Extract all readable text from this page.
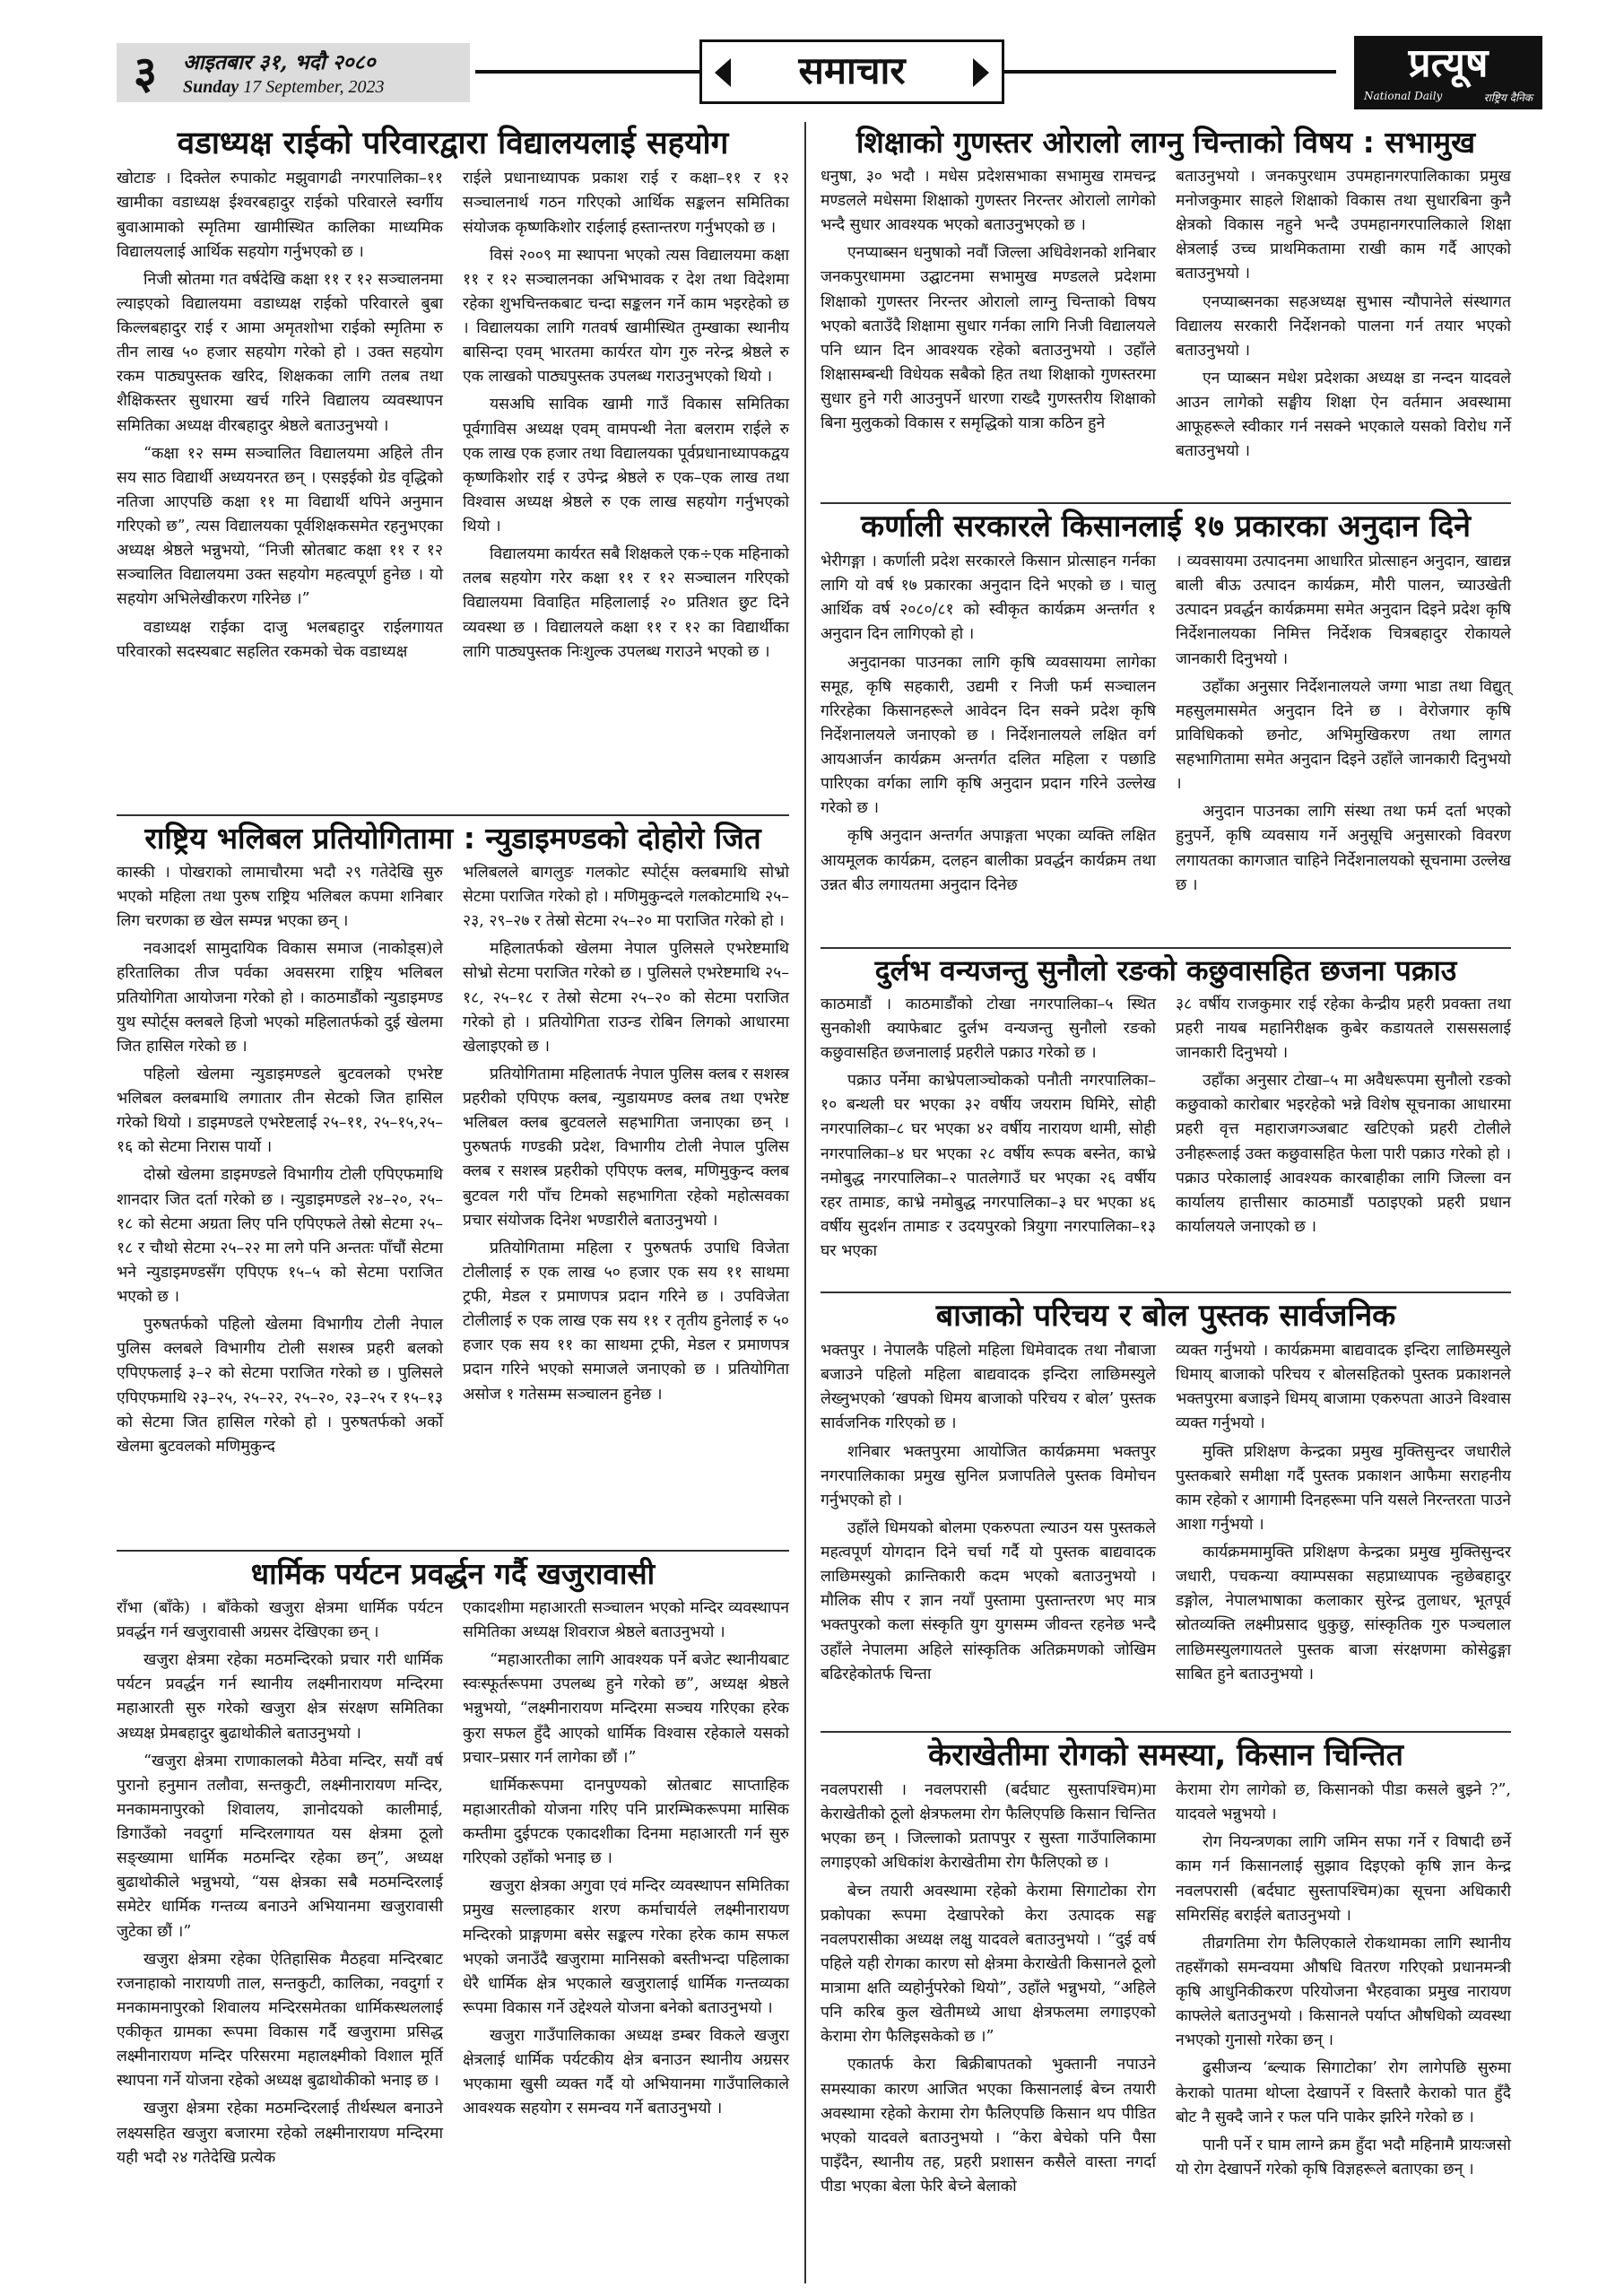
३	आइतबार ३१, भदौ २०८०
Sunday 17 September, 2023	समाचार	प्रत्यूष
National Daily	राष्ट्रिय दैनिक
वडाध्यक्ष राईको परिवारद्वारा विद्यालयलाई सहयोग

खोटाङ । दिक्तेल रुपाकोट मझुवागढी नगरपालिका–११ खामीका वडाध्यक्ष ईश्वरबहादुर राईको परिवारले स्वर्गीय बुवाआमाको स्मृतिमा खामीस्थित कालिका माध्यमिक विद्यालयलाई आर्थिक सहयोग गर्नुभएको छ ।

निजी स्रोतमा गत वर्षदेखि कक्षा ११ र १२ सञ्चालनमा ल्याइएको विद्यालयमा वडाध्यक्ष राईको परिवारले बुबा किल्लबहादुर राई र आमा अमृतशोभा राईको स्मृतिमा रु तीन लाख ५० हजार सहयोग गरेको हो । उक्त सहयोग रकम पाठ्यपुस्तक खरिद, शिक्षकका लागि तलब तथा शैक्षिकस्तर सुधारमा खर्च गरिने विद्यालय व्यवस्थापन समितिका अध्यक्ष वीरबहादुर श्रेष्ठले बताउनुभयो ।

“कक्षा १२ सम्म सञ्चालित विद्यालयमा अहिले तीन सय साठ विद्यार्थी अध्ययनरत छन् । एसइईको ग्रेड वृद्धिको नतिजा आएपछि कक्षा ११ मा विद्यार्थी थपिने अनुमान गरिएको छ”, त्यस विद्यालयका पूर्वशिक्षकसमेत रहनुभएका अध्यक्ष श्रेष्ठले भन्नुभयो, “निजी स्रोतबाट कक्षा ११ र १२ सञ्चालित विद्यालयमा उक्त सहयोग महत्वपूर्ण हुनेछ । यो सहयोग अभिलेखीकरण गरिनेछ ।”

वडाध्यक्ष राईका दाजु भलबहादुर राईलगायत परिवारको सदस्यबाट सहलित रकमको चेक वडाध्यक्ष

राईले प्रधानाध्यापक प्रकाश राई र कक्षा–११ र १२ सञ्चालनार्थ गठन गरिएको आर्थिक सङ्कलन समितिका संयोजक कृष्णकिशोर राईलाई हस्तान्तरण गर्नुभएको छ ।

विसं २००९ मा स्थापना भएको त्यस विद्यालयमा कक्षा ११ र १२ सञ्चालनका अभिभावक र देश तथा विदेशमा रहेका शुभचिन्तकबाट चन्दा सङ्कलन गर्ने काम भइरहेको छ । विद्यालयका लागि गतवर्ष खामीस्थित तुम्खाका स्थानीय बासिन्दा एवम् भारतमा कार्यरत योग गुरु नरेन्द्र श्रेष्ठले रु एक लाखको पाठ्यपुस्तक उपलब्ध गराउनुभएको थियो ।

यसअघि साविक खामी गाउँ विकास समितिका पूर्वगाविस अध्यक्ष एवम् वामपन्थी नेता बलराम राईले रु एक लाख एक हजार तथा विद्यालयका पूर्वप्रधानाध्यापकद्वय कृष्णकिशोर राई र उपेन्द्र श्रेष्ठले रु एक–एक लाख तथा विश्वास अध्यक्ष श्रेष्ठले रु एक लाख सहयोग गर्नुभएको थियो ।

विद्यालयमा कार्यरत सबै शिक्षकले एक÷एक महिनाको तलब सहयोग गरेर कक्षा ११ र १२ सञ्चालन गरिएको विद्यालयमा विवाहित महिलालाई २० प्रतिशत छुट दिने व्यवस्था छ । विद्यालयले कक्षा ११ र १२ का विद्यार्थीका लागि पाठ्यपुस्तक निःशुल्क उपलब्ध गराउने भएको छ ।

राष्ट्रिय भलिबल प्रतियोगितामा : न्युडाइमण्डको दोहोरो जित

कास्की । पोखराको लामाचौरमा भदौ २९ गतेदेखि सुरु भएको महिला तथा पुरुष राष्ट्रिय भलिबल कपमा शनिबार लिग चरणका छ खेल सम्पन्न भएका छन् ।

नवआदर्श सामुदायिक विकास समाज (नाकोड्स)ले हरितालिका तीज पर्वका अवसरमा राष्ट्रिय भलिबल प्रतियोगिता आयोजना गरेको हो । काठमाडौंको न्युडाइमण्ड युथ स्पोर्ट्स क्लबले हिजो भएको महिलातर्फको दुई खेलमा जित हासिल गरेको छ ।

पहिलो खेलमा न्युडाइमण्डले बुटवलको एभरेष्ट भलिबल क्लबमाथि लगातार तीन सेटको जित हासिल गरेको थियो । डाइमण्डले एभरेष्टलाई २५–११, २५–१५,२५–१६ को सेटमा निरास पार्यो ।

दोस्रो खेलमा डाइमण्डले विभागीय टोली एपिएफमाथि शानदार जित दर्ता गरेको छ । न्युडाइमण्डले २४–२०, २५–१८ को सेटमा अग्रता लिए पनि एपिएफले तेस्रो सेटमा २५–१८ र चौथो सेटमा २५–२२ मा लगे पनि अन्ततः पाँचौं सेटमा भने न्युडाइमण्डसँग एपिएफ १५–५ को सेटमा पराजित भएको छ ।

पुरुषतर्फको पहिलो खेलमा विभागीय टोली नेपाल पुलिस क्लबले विभागीय टोली सशस्त्र प्रहरी बलको एपिएफलाई ३–२ को सेटमा पराजित गरेको छ । पुलिसले एपिएफमाथि २३–२५, २५–२२, २५–२०, २३–२५ र १५–१३ को सेटमा जित हासिल गरेको हो । पुरुषतर्फको अर्को खेलमा बुटवलको मणिमुकुन्द

भलिबलले बागलुङ गलकोट स्पोर्ट्स क्लबमाथि सोभ्रो सेटमा पराजित गरेको हो । मणिमुकुन्दले गलकोटमाथि २५–२३, २९–२७ र तेस्रो सेटमा २५–२० मा पराजित गरेको हो ।

महिलातर्फको खेलमा नेपाल पुलिसले एभरेष्टमाथि सोभ्रो सेटमा पराजित गरेको छ । पुलिसले एभरेष्टमाथि २५–१८, २५–१८ र तेस्रो सेटमा २५–२० को सेटमा पराजित गरेको हो । प्रतियोगिता राउन्ड रोबिन लिगको आधारमा खेलाइएको छ ।

प्रतियोगितामा महिलातर्फ नेपाल पुलिस क्लब र सशस्त्र प्रहरीको एपिएफ क्लब, न्युडायमण्ड क्लब तथा एभरेष्ट भलिबल क्लब बुटवलले सहभागिता जनाएका छन् । पुरुषतर्फ गण्डकी प्रदेश, विभागीय टोली नेपाल पुलिस क्लब र सशस्त्र प्रहरीको एपिएफ क्लब, मणिमुकुन्द क्लब बुटवल गरी पाँच टिमको सहभागिता रहेको महोत्सवका प्रचार संयोजक दिनेश भण्डारीले बताउनुभयो ।

प्रतियोगितामा महिला र पुरुषतर्फ उपाधि विजेता टोलीलाई रु एक लाख ५० हजार एक सय ११ साथमा ट्रफी, मेडल र प्रमाणपत्र प्रदान गरिने छ । उपविजेता टोलीलाई रु एक लाख एक सय ११ र तृतीय हुनेलाई रु ५० हजार एक सय ११ का साथमा ट्रफी, मेडल र प्रमाणपत्र प्रदान गरिने भएको समाजले जनाएको छ । प्रतियोगिता असोज १ गतेसम्म सञ्चालन हुनेछ ।

धार्मिक पर्यटन प्रवर्द्धन गर्दै खजुरावासी

राँभा (बाँके) । बाँकेको खजुरा क्षेत्रमा धार्मिक पर्यटन प्रवर्द्धन गर्न खजुरावासी अग्रसर देखिएका छन् ।

खजुरा क्षेत्रमा रहेका मठमन्दिरको प्रचार गरी धार्मिक पर्यटन प्रवर्द्धन गर्न स्थानीय लक्ष्मीनारायण मन्दिरमा महाआरती सुरु गरेको खजुरा क्षेत्र संरक्षण समितिका अध्यक्ष प्रेमबहादुर बुढाथोकीले बताउनुभयो ।

“खजुरा क्षेत्रमा राणाकालको मैठेवा मन्दिर, सयौं वर्ष पुरानो हनुमान तलौवा, सन्तकुटी, लक्ष्मीनारायण मन्दिर, मनकामनापुरको शिवालय, ज्ञानोदयको कालीमाई, डिगाउँको नवदुर्गा मन्दिरलगायत यस क्षेत्रमा ठूलो सङ्ख्यामा धार्मिक मठमन्दिर रहेका छन्”, अध्यक्ष बुढाथोकीले भन्नुभयो, “यस क्षेत्रका सबै मठमन्दिरलाई समेटेर धार्मिक गन्तव्य बनाउने अभियानमा खजुरावासी जुटेका छौं ।”

खजुरा क्षेत्रमा रहेका ऐतिहासिक मैठहवा मन्दिरबाट रजनाहाको नारायणी ताल, सन्तकुटी, कालिका, नवदुर्गा र मनकामनापुरको शिवालय मन्दिरसमेतका धार्मिकस्थललाई एकीकृत ग्रामका रूपमा विकास गर्दै खजुरामा प्रसिद्ध लक्ष्मीनारायण मन्दिर परिसरमा महालक्ष्मीको विशाल मूर्ति स्थापना गर्ने योजना रहेको अध्यक्ष बुढाथोकीको भनाइ छ ।

खजुरा क्षेत्रमा रहेका मठमन्दिरलाई तीर्थस्थल बनाउने लक्ष्यसहित खजुरा बजारमा रहेको लक्ष्मीनारायण मन्दिरमा यही भदौ २४ गतेदेखि प्रत्येक

एकादशीमा महाआरती सञ्चालन भएको मन्दिर व्यवस्थापन समितिका अध्यक्ष शिवराज श्रेष्ठले बताउनुभयो ।

“महाआरतीका लागि आवश्यक पर्ने बजेट स्थानीयबाट स्वःस्फूर्तरूपमा उपलब्ध हुने गरेको छ”, अध्यक्ष श्रेष्ठले भन्नुभयो, “लक्ष्मीनारायण मन्दिरमा सञ्चय गरिएका हरेक कुरा सफल हुँदै आएको धार्मिक विश्वास रहेकाले यसको प्रचार–प्रसार गर्न लागेका छौं ।”

धार्मिकरूपमा दानपुण्यको स्रोतबाट साप्ताहिक महाआरतीको योजना गरिए पनि प्रारम्भिकरूपमा मासिक कम्तीमा दुईपटक एकादशीका दिनमा महाआरती गर्न सुरु गरिएको उहाँको भनाइ छ ।

खजुरा क्षेत्रका अगुवा एवं मन्दिर व्यवस्थापन समितिका प्रमुख सल्लाहकार शरण कर्माचार्यले लक्ष्मीनारायण मन्दिरको प्राङ्गणमा बसेर सङ्कल्प गरेका हरेक काम सफल भएको जनाउँदै खजुरामा मानिसको बस्तीभन्दा पहिलाका धेरै धार्मिक क्षेत्र भएकाले खजुरालाई धार्मिक गन्तव्यका रूपमा विकास गर्ने उद्देश्यले योजना बनेको बताउनुभयो ।

खजुरा गाउँपालिकाका अध्यक्ष डम्बर विकले खजुरा क्षेत्रलाई धार्मिक पर्यटकीय क्षेत्र बनाउन स्थानीय अग्रसर भएकामा खुसी व्यक्त गर्दै यो अभियानमा गाउँपालिकाले आवश्यक सहयोग र समन्वय गर्ने बताउनुभयो ।

शिक्षाको गुणस्तर ओरालो लाग्नु चिन्ताको विषय : सभामुख

धनुषा, ३० भदौ । मधेस प्रदेशसभाका सभामुख रामचन्द्र मण्डलले मधेसमा शिक्षाको गुणस्तर निरन्तर ओरालो लागेको भन्दै सुधार आवश्यक भएको बताउनुभएको छ ।

एनप्याब्सन धनुषाको नवौं जिल्ला अधिवेशनको शनिबार जनकपुरधाममा उद्घाटनमा सभामुख मण्डलले प्रदेशमा शिक्षाको गुणस्तर निरन्तर ओरालो लाग्नु चिन्ताको विषय भएको बताउँदै शिक्षामा सुधार गर्नका लागि निजी विद्यालयले पनि ध्यान दिन आवश्यक रहेको बताउनुभयो । उहाँले शिक्षासम्बन्धी विधेयक सबैको हित तथा शिक्षाको गुणस्तरमा सुधार हुने गरी आउनुपर्ने धारणा राख्दै गुणस्तरीय शिक्षाको बिना मुलुकको विकास र समृद्धिको यात्रा कठिन हुने

बताउनुभयो । जनकपुरधाम उपमहानगरपालिकाका प्रमुख मनोजकुमार साहले शिक्षाको विकास तथा सुधारबिना कुनै क्षेत्रको विकास नहुने भन्दै उपमहानगरपालिकाले शिक्षा क्षेत्रलाई उच्च प्राथमिकतामा राखी काम गर्दै आएको बताउनुभयो ।

एनप्याब्सनका सहअध्यक्ष सुभास न्यौपानेले संस्थागत विद्यालय सरकारी निर्देशनको पालना गर्न तयार भएको बताउनुभयो ।

एन प्याब्सन मधेश प्रदेशका अध्यक्ष डा नन्दन यादवले आउन लागेको सङ्घीय शिक्षा ऐन वर्तमान अवस्थामा आफूहरूले स्वीकार गर्न नसक्ने भएकाले यसको विरोध गर्ने बताउनुभयो ।

कर्णाली सरकारले किसानलाई १७ प्रकारका अनुदान दिने

भेरीगङ्गा । कर्णाली प्रदेश सरकारले किसान प्रोत्साहन गर्नका लागि यो वर्ष १७ प्रकारका अनुदान दिने भएको छ । चालु आर्थिक वर्ष २०८०/८१ को स्वीकृत कार्यक्रम अन्तर्गत १ अनुदान दिन लागिएको हो ।

अनुदानका पाउनका लागि कृषि व्यवसायमा लागेका समूह, कृषि सहकारी, उद्यमी र निजी फर्म सञ्चालन गरिरहेका किसानहरूले आवेदन दिन सक्ने प्रदेश कृषि निर्देशनालयले जनाएको छ । निर्देशनालयले लक्षित वर्ग आयआर्जन कार्यक्रम अन्तर्गत दलित महिला र पछाडि पारिएका वर्गका लागि कृषि अनुदान प्रदान गरिने उल्लेख गरेको छ ।

कृषि अनुदान अन्तर्गत अपाङ्गता भएका व्यक्ति लक्षित आयमूलक कार्यक्रम, दलहन बालीका प्रवर्द्धन कार्यक्रम तथा उन्नत बीउ लगायतमा अनुदान दिनेछ

। व्यवसायमा उत्पादनमा आधारित प्रोत्साहन अनुदान, खाद्यन्न बाली बीऊ उत्पादन कार्यक्रम, मौरी पालन, च्याउखेती उत्पादन प्रवर्द्धन कार्यक्रममा समेत अनुदान दिइने प्रदेश कृषि निर्देशनालयका निमित्त निर्देशक चित्रबहादुर रोकायले जानकारी दिनुभयो ।

उहाँका अनुसार निर्देशनालयले जग्गा भाडा तथा विद्युत् महसुलमासमेत अनुदान दिने छ । वेरोजगार कृषि प्राविधिकको छनोट, अभिमुखिकरण तथा लागत सहभागितामा समेत अनुदान दिइने उहाँले जानकारी दिनुभयो ।

अनुदान पाउनका लागि संस्था तथा फर्म दर्ता भएको हुनुपर्ने, कृषि व्यवसाय गर्ने अनुसूचि अनुसारको विवरण लगायतका कागजात चाहिने निर्देशनालयको सूचनामा उल्लेख छ ।

दुर्लभ वन्यजन्तु सुनौलो रङको कछुवासहित छजना पक्राउ

काठमाडौं । काठमाडौंको टोखा नगरपालिका–५ स्थित सुनकोशी क्याफेबाट दुर्लभ वन्यजन्तु सुनौलो रङको कछुवासहित छजनालाई प्रहरीले पक्राउ गरेको छ ।

पक्राउ पर्नेमा काभ्रेपलाञ्चोकको पनौती नगरपालिका–१० बन्थली घर भएका ३२ वर्षीय जयराम घिमिरे, सोही नगरपालिका–८ घर भएका ४२ वर्षीय नारायण थामी, सोही नगरपालिका–४ घर भएका २८ वर्षीय रूपक बस्नेत, काभ्रे नमोबुद्ध नगरपालिका–२ पातलेगाउँ घर भएका २६ वर्षीय रहर तामाङ, काभ्रे नमोबुद्ध नगरपालिका–३ घर भएका ४६ वर्षीय सुदर्शन तामाङ र उदयपुरको त्रियुगा नगरपालिका–१३ घर भएका

३८ वर्षीय राजकुमार राई रहेका केन्द्रीय प्रहरी प्रवक्ता तथा प्रहरी नायब महानिरीक्षक कुबेर कडायतले रासससलाई जानकारी दिनुभयो ।

उहाँका अनुसार टोखा–५ मा अवैधरूपमा सुनौलो रङको कछुवाको कारोबार भइरहेको भन्ने विशेष सूचनाका आधारमा प्रहरी वृत्त महाराजगञ्जबाट खटिएको प्रहरी टोलीले उनीहरूलाई उक्त कछुवासहित फेला पारी पक्राउ गरेको हो । पक्राउ परेकालाई आवश्यक कारबाहीका लागि जिल्ला वन कार्यालय हात्तीसार काठमाडौं पठाइएको प्रहरी प्रधान कार्यालयले जनाएको छ ।

बाजाको परिचय र बोल पुस्तक सार्वजनिक

भक्तपुर । नेपालकै पहिलो महिला धिमेवादक तथा नौबाजा बजाउने पहिलो महिला बाद्यवादक इन्दिरा लाछिमस्युले लेख्नुभएको ‘खपको धिमय बाजाको परिचय र बोल’ पुस्तक सार्वजनिक गरिएको छ ।

शनिबार भक्तपुरमा आयोजित कार्यक्रममा भक्तपुर नगरपालिकाका प्रमुख सुनिल प्रजापतिले पुस्तक विमोचन गर्नुभएको हो ।

उहाँले धिमयको बोलमा एकरुपता ल्याउन यस पुस्तकले महत्वपूर्ण योगदान दिने चर्चा गर्दै यो पुस्तक बाद्यवादक लाछिमस्युको क्रान्तिकारी कदम भएको बताउनुभयो । मौलिक सीप र ज्ञान नयाँ पुस्तामा पुस्तान्तरण भए मात्र भक्तपुरको कला संस्कृति युग युगसम्म जीवन्त रहनेछ भन्दै उहाँले नेपालमा अहिले सांस्कृतिक अतिक्रमणको जोखिम बढिरहेकोतर्फ चिन्ता

व्यक्त गर्नुभयो । कार्यक्रममा बाद्यवादक इन्दिरा लाछिमस्युले धिमाय् बाजाको परिचय र बोलसहितको पुस्तक प्रकाशनले भक्तपुरमा बजाइने धिमय् बाजामा एकरुपता आउने विश्वास व्यक्त गर्नुभयो ।

मुक्ति प्रशिक्षण केन्द्रका प्रमुख मुक्तिसुन्दर जधारीले पुस्तकबारे समीक्षा गर्दै पुस्तक प्रकाशन आफैमा सराहनीय काम रहेको र आगामी दिनहरूमा पनि यसले निरन्तरता पाउने आशा गर्नुभयो ।

कार्यक्रममामुक्ति प्रशिक्षण केन्द्रका प्रमुख मुक्तिसुन्दर जधारी, पचकन्या क्याम्पसका सहप्राध्यापक न्हुछेबहादुर डङ्गोल, नेपालभाषाका कलाकार सुरेन्द्र तुलाधर, भूतपूर्व स्रोतव्यक्ति लक्ष्मीप्रसाद धुकुछु, सांस्कृतिक गुरु पञ्चलाल लाछिमस्युलगायतले पुस्तक बाजा संरक्षणमा कोसेढुङ्गा साबित हुने बताउनुभयो ।

केराखेतीमा रोगको समस्या, किसान चिन्तित

नवलपरासी । नवलपरासी (बर्दघाट सुस्तापश्चिम)मा केराखेतीको ठूलो क्षेत्रफलमा रोग फैलिएपछि किसान चिन्तित भएका छन् । जिल्लाको प्रतापपुर र सुस्ता गाउँपालिकामा लगाइएको अधिकांश केराखेतीमा रोग फैलिएको छ ।

बेच्न तयारी अवस्थामा रहेको केरामा सिगाटोका रोग प्रकोपका रूपमा देखापरेको केरा उत्पादक सङ्घ नवलपरासीका अध्यक्ष लक्षु यादवले बताउनुभयो । “दुई वर्ष पहिले यही रोगका कारण सो क्षेत्रमा केराखेती किसानले ठूलो मात्रामा क्षति व्यहोर्नुपरेको थियो”, उहाँले भन्नुभयो, “अहिले पनि करिब कुल खेतीमध्ये आधा क्षेत्रफलमा लगाइएको केरामा रोग फैलिइसकेको छ ।”

एकातर्फ केरा बिक्रीबापतको भुक्तानी नपाउने समस्याका कारण आजित भएका किसानलाई बेच्न तयारी अवस्थामा रहेको केरामा रोग फैलिएपछि किसान थप पीडित भएको यादवले बताउनुभयो । “केरा बेचेको पनि पैसा पाइँदैन, स्थानीय तह, प्रहरी प्रशासन कसैले वास्ता नगर्दा पीडा भएका बेला फेरि बेच्ने बेलाको

केरामा रोग लागेको छ, किसानको पीडा कसले बुझ्ने ?”, यादवले भन्नुभयो ।

रोग नियन्त्रणका लागि जमिन सफा गर्ने र विषादी छर्ने काम गर्न किसानलाई सुझाव दिइएको कृषि ज्ञान केन्द्र नवलपरासी (बर्दघाट सुस्तापश्चिम)का सूचना अधिकारी समिरसिंह बराईले बताउनुभयो ।

तीव्रगतिमा रोग फैलिएकाले रोकथामका लागि स्थानीय तहसँगको समन्वयमा औषधि वितरण गरिएको प्रधानमन्त्री कृषि आधुनिकीकरण परियोजना भैरहवाका प्रमुख नारायण काफ्लेले बताउनुभयो । किसानले पर्याप्त औषधिको व्यवस्था नभएको गुनासो गरेका छन् ।

ढुसीजन्य ‘ब्ल्याक सिगाटोका’ रोग लागेपछि सुरुमा केराको पातमा थोप्ला देखापर्ने र विस्तारै केराको पात हुँदै बोट नै सुक्दै जाने र फल पनि पाकेर झरिने गरेको छ ।

पानी पर्ने र घाम लाग्ने क्रम हुँदा भदौ महिनामै प्रायःजसो यो रोग देखापर्ने गरेको कृषि विज्ञहरूले बताएका छन् ।
